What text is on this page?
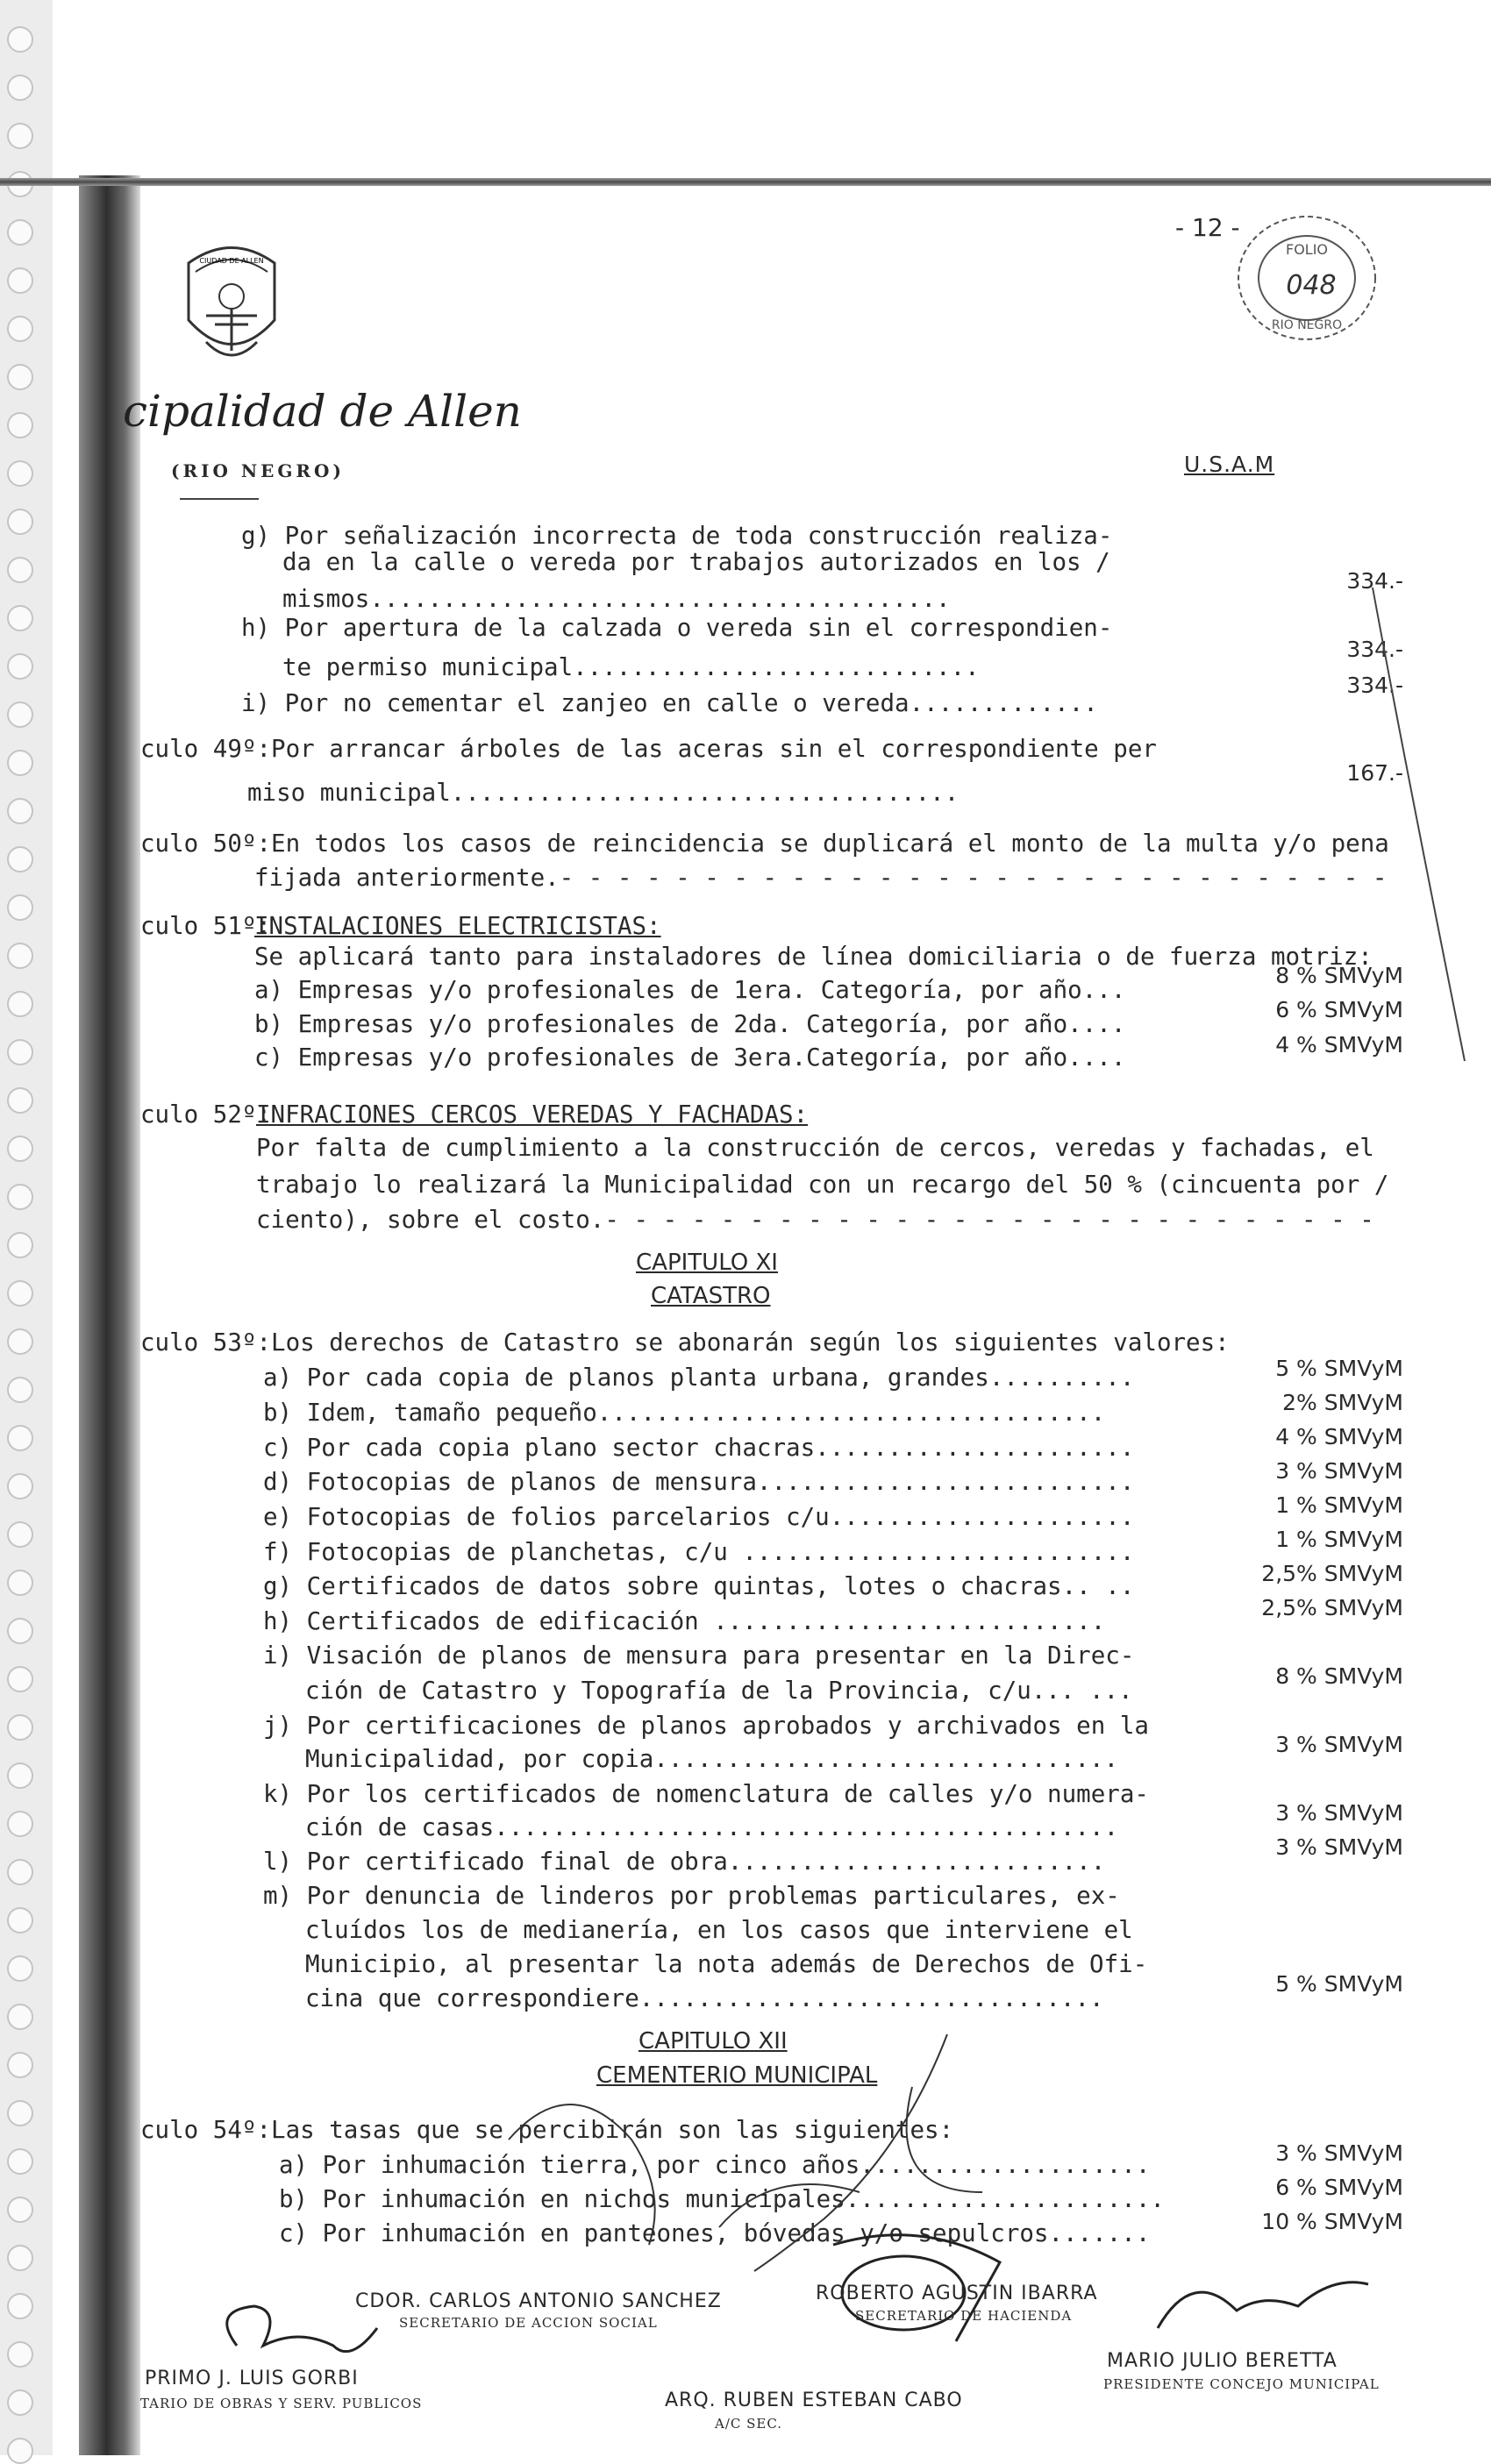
CIUDAD DE ALLEN
cipalidad de Allen
(RIO NEGRO)
- 12 -
FOLIO
048
RIO NEGRO
U.S.A.M
g) Por señalización incorrecta de toda construcción realiza-
da en la calle o vereda por trabajos autorizados en los /
mismos........................................
h) Por apertura de la calzada o vereda sin el correspondien-
te permiso municipal............................
i) Por no cementar el zanjeo en calle o vereda.............
culo 49º:Por arrancar árboles de las aceras sin el correspondiente per
miso municipal...................................
culo 50º:En todos los casos de reincidencia se duplicará el monto de la multa y/o pena
fijada anteriormente.- - - - - - - - - - - - - - - - - - - - - - - - - - - - -
culo 51º:
INSTALACIONES ELECTRICISTAS:
Se aplicará tanto para instaladores de línea domiciliaria o de fuerza motriz:
a) Empresas y/o profesionales de 1era. Categoría, por año...
b) Empresas y/o profesionales de 2da. Categoría, por año....
c) Empresas y/o profesionales de 3era.Categoría, por año....
culo 52º:
INFRACIONES CERCOS VEREDAS Y FACHADAS:
Por falta de cumplimiento a la construcción de cercos, veredas y fachadas, el
trabajo lo realizará la Municipalidad con un recargo del 50 % (cincuenta por /
ciento), sobre el costo.- - - - - - - - - - - - - - - - - - - - - - - - - - -
CAPITULO XI
CATASTRO
culo 53º:Los derechos de Catastro se abonarán según los siguientes valores:
a) Por cada copia de planos planta urbana, grandes..........
b) Idem, tamaño pequeño...................................
c) Por cada copia plano sector chacras......................
d) Fotocopias de planos de mensura..........................
e) Fotocopias de folios parcelarios c/u.....................
f) Fotocopias de planchetas, c/u ...........................
g) Certificados de datos sobre quintas, lotes o chacras.. ..
h) Certificados de edificación ...........................
i) Visación de planos de mensura para presentar en la Direc-
ción de Catastro y Topografía de la Provincia, c/u... ...
j) Por certificaciones de planos aprobados y archivados en la
Municipalidad, por copia................................
k) Por los certificados de nomenclatura de calles y/o numera-
ción de casas...........................................
l) Por certificado final de obra..........................
m) Por denuncia de linderos por problemas particulares, ex-
cluídos los de medianería, en los casos que interviene el
Municipio, al presentar la nota además de Derechos de Ofi-
cina que correspondiere................................
CAPITULO XII
CEMENTERIO MUNICIPAL
culo 54º:Las tasas que se percibirán son las siguientes:
a) Por inhumación tierra, por cinco años....................
b) Por inhumación en nichos municipales......................
c) Por inhumación en panteones, bóvedas y/o sepulcros.......
334.-
334.-
334.-
167.-
8 % SMVyM
6 % SMVyM
4 % SMVyM
5 % SMVyM
2% SMVyM
4 % SMVyM
3 % SMVyM
1 % SMVyM
1 % SMVyM
2,5% SMVyM
2,5% SMVyM
8 % SMVyM
3 % SMVyM
3 % SMVyM
3 % SMVyM
5 % SMVyM
3 % SMVyM
6 % SMVyM
10 % SMVyM
CDOR. CARLOS ANTONIO SANCHEZ
SECRETARIO DE ACCION SOCIAL
ROBERTO AGUSTIN IBARRA
SECRETARIO DE HACIENDA
PRIMO J. LUIS GORBI
TARIO DE OBRAS Y SERV. PUBLICOS	ARQ. RUBEN ESTEBAN CABO
A/C SEC.
MARIO JULIO BERETTA
PRESIDENTE CONCEJO MUNICIPAL
